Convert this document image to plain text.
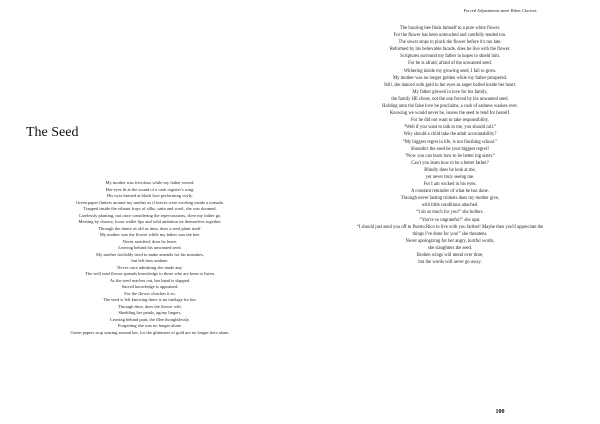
The Seed
My mother was frivolous while my father sowed.
Her eyes lit at the sound of a cash register's song.
His eyes burned at black lace performing coyly.
Green paper flutters around my mother as if leaves were swirling inside a tornado.
Trapped inside the vibrant frays of silks, satin and wool, she was doomed.
Carelessly planting, not once considering the repercussions, dove my father go.
Meeting by chance, loose wallet lips and wild ambition tie themselves together.
Through the dance as old as time, does a seed plant itself.
My mother was the flower while my father was the bee.
Never satisfied, does he leave.
Leaving behind his unwanted seed.
My mother foolishly tried to make amends for his mistakes,
but left hers undone.
Never once admitting she made any.
The well read flower spreads knowledge to those who are keen to listen.
As the seed reaches out, her hand is slapped.
Sacred knowledge is appraised.
For the flower clutches it so.
The seed is left knowing there is no tutelage for her.
Through time, does the flower wilt.
Shedding her petals, agony lingers.
Leaving behind pain, the fllee thoughtlessly.
Forgetting she was no longer alone.
Green papers stop soaring around her, for the glimmers of gold are no longer hers alone.
Forced Adjustments meet Bitter Choices
The buzzing bee finds himself to a pure white flower.
For the flower has been untouched and carefully tended too.
The sower stops to pluck the flower before it's too late.
Reformed by his believable facade, does he live with the flower.
Scriptures surround my father in hopes to shield him.
For he is afraid, afraid of the unwanted seed.
Withering inside my growing seed, I fail to grow.
My mother was no longer golden while my father prospered.
Still, she danced with gold in her eyes as anger boiled inside her heart.
My father glowed in love for his family,
the family HE chose, not the one forced by his unwanted seed.
Holding onto the false love he proclaims, a rush of sadness washes over.
Knowing we would never be, leaves the seed to tend for herself.
For he did not want to take responsibility.
“Well if you want to talk to me, you should call.”
Why should a child take the adult accountability?
“My biggest regret in life, is not finishing school.”
Shouldn't the seed be your biggest regret?
“Now you can learn how to be better big sister.”
Can't you learn how to be a better father?
Blindly does he look at me,
yet never truly seeing me.
For I am wicked in his eyes.
A constant reminder of what he has done.
Through never lasting trinkets does my mother give,
with little conditions attached.
“I do so much for you!” she hollers.
“You're so ungrateful!” she spat.
“I should just send you off to Puerto Rico to live with you farther! Maybe then you'll appreciate the
things I've done for you!” she threatens.
Never apologizing for her angry, hurtful words,
she slaughters the seed.
Broken wings will mend over time,
but the words will never go away.
100
